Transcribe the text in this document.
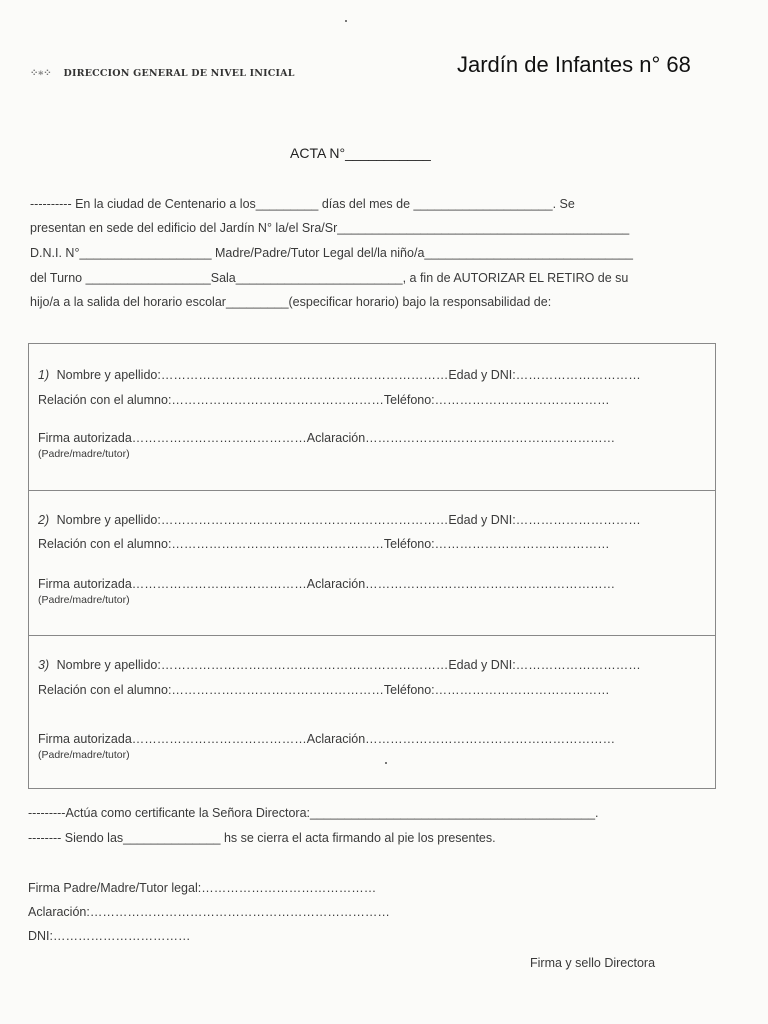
⁘∗⁘ DIRECCION GENERAL DE NIVEL INICIAL	Jardín de Infantes n° 68
ACTA N°___________
---------- En la ciudad de Centenario a los_________ días del mes de ____________________. Se
presentan en sede del edificio del Jardín N° la/el Sra/Sr__________________________________________
D.N.I. N°___________________ Madre/Padre/Tutor Legal del/la niño/a______________________________
del Turno __________________Sala________________________, a fin de AUTORIZAR EL RETIRO de su
hijo/a a la salida del horario escolar_________(especificar horario) bajo la responsabilidad de:
1) Nombre y apellido:……………………………………………………………Edad y DNI:…………………………
Relación con el alumno:……………………………………………Teléfono:……………………………………
Firma autorizada……………………………………Aclaración……………………………………………………
(Padre/madre/tutor)
2) Nombre y apellido:……………………………………………………………Edad y DNI:…………………………
Relación con el alumno:……………………………………………Teléfono:……………………………………
Firma autorizada……………………………………Aclaración……………………………………………………
(Padre/madre/tutor)
3) Nombre y apellido:……………………………………………………………Edad y DNI:…………………………
Relación con el alumno:……………………………………………Teléfono:……………………………………
Firma autorizada……………………………………Aclaración……………………………………………………
(Padre/madre/tutor)
---------Actúa como certificante la Señora Directora:_________________________________________.
-------- Siendo las______________ hs se cierra el acta firmando al pie los presentes.
Firma Padre/Madre/Tutor legal:……………………………………
Aclaración:………………………………………………………………
DNI:……………………………
Firma y sello Directora
